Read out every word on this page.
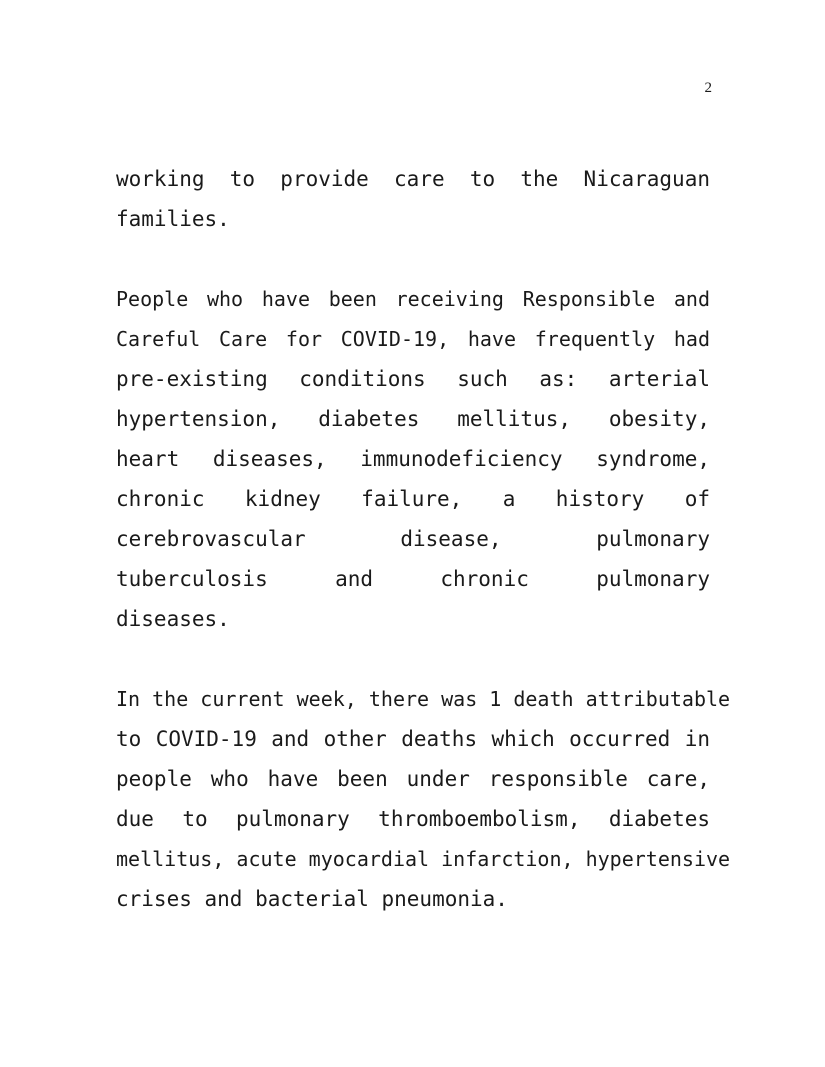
2

working to provide care to the Nicaraguan
families.

People who have been receiving Responsible and
Careful Care for COVID-19, have frequently had
pre-existing conditions such as: arterial
hypertension, diabetes mellitus, obesity,
heart diseases, immunodeficiency syndrome,
chronic kidney failure, a history of
cerebrovascular disease, pulmonary
tuberculosis and chronic pulmonary
diseases.

In the current week, there was 1 death attributable
to COVID-19 and other deaths which occurred in
people who have been under responsible care,
due to pulmonary thromboembolism, diabetes
mellitus, acute myocardial infarction, hypertensive
crises and bacterial pneumonia.
